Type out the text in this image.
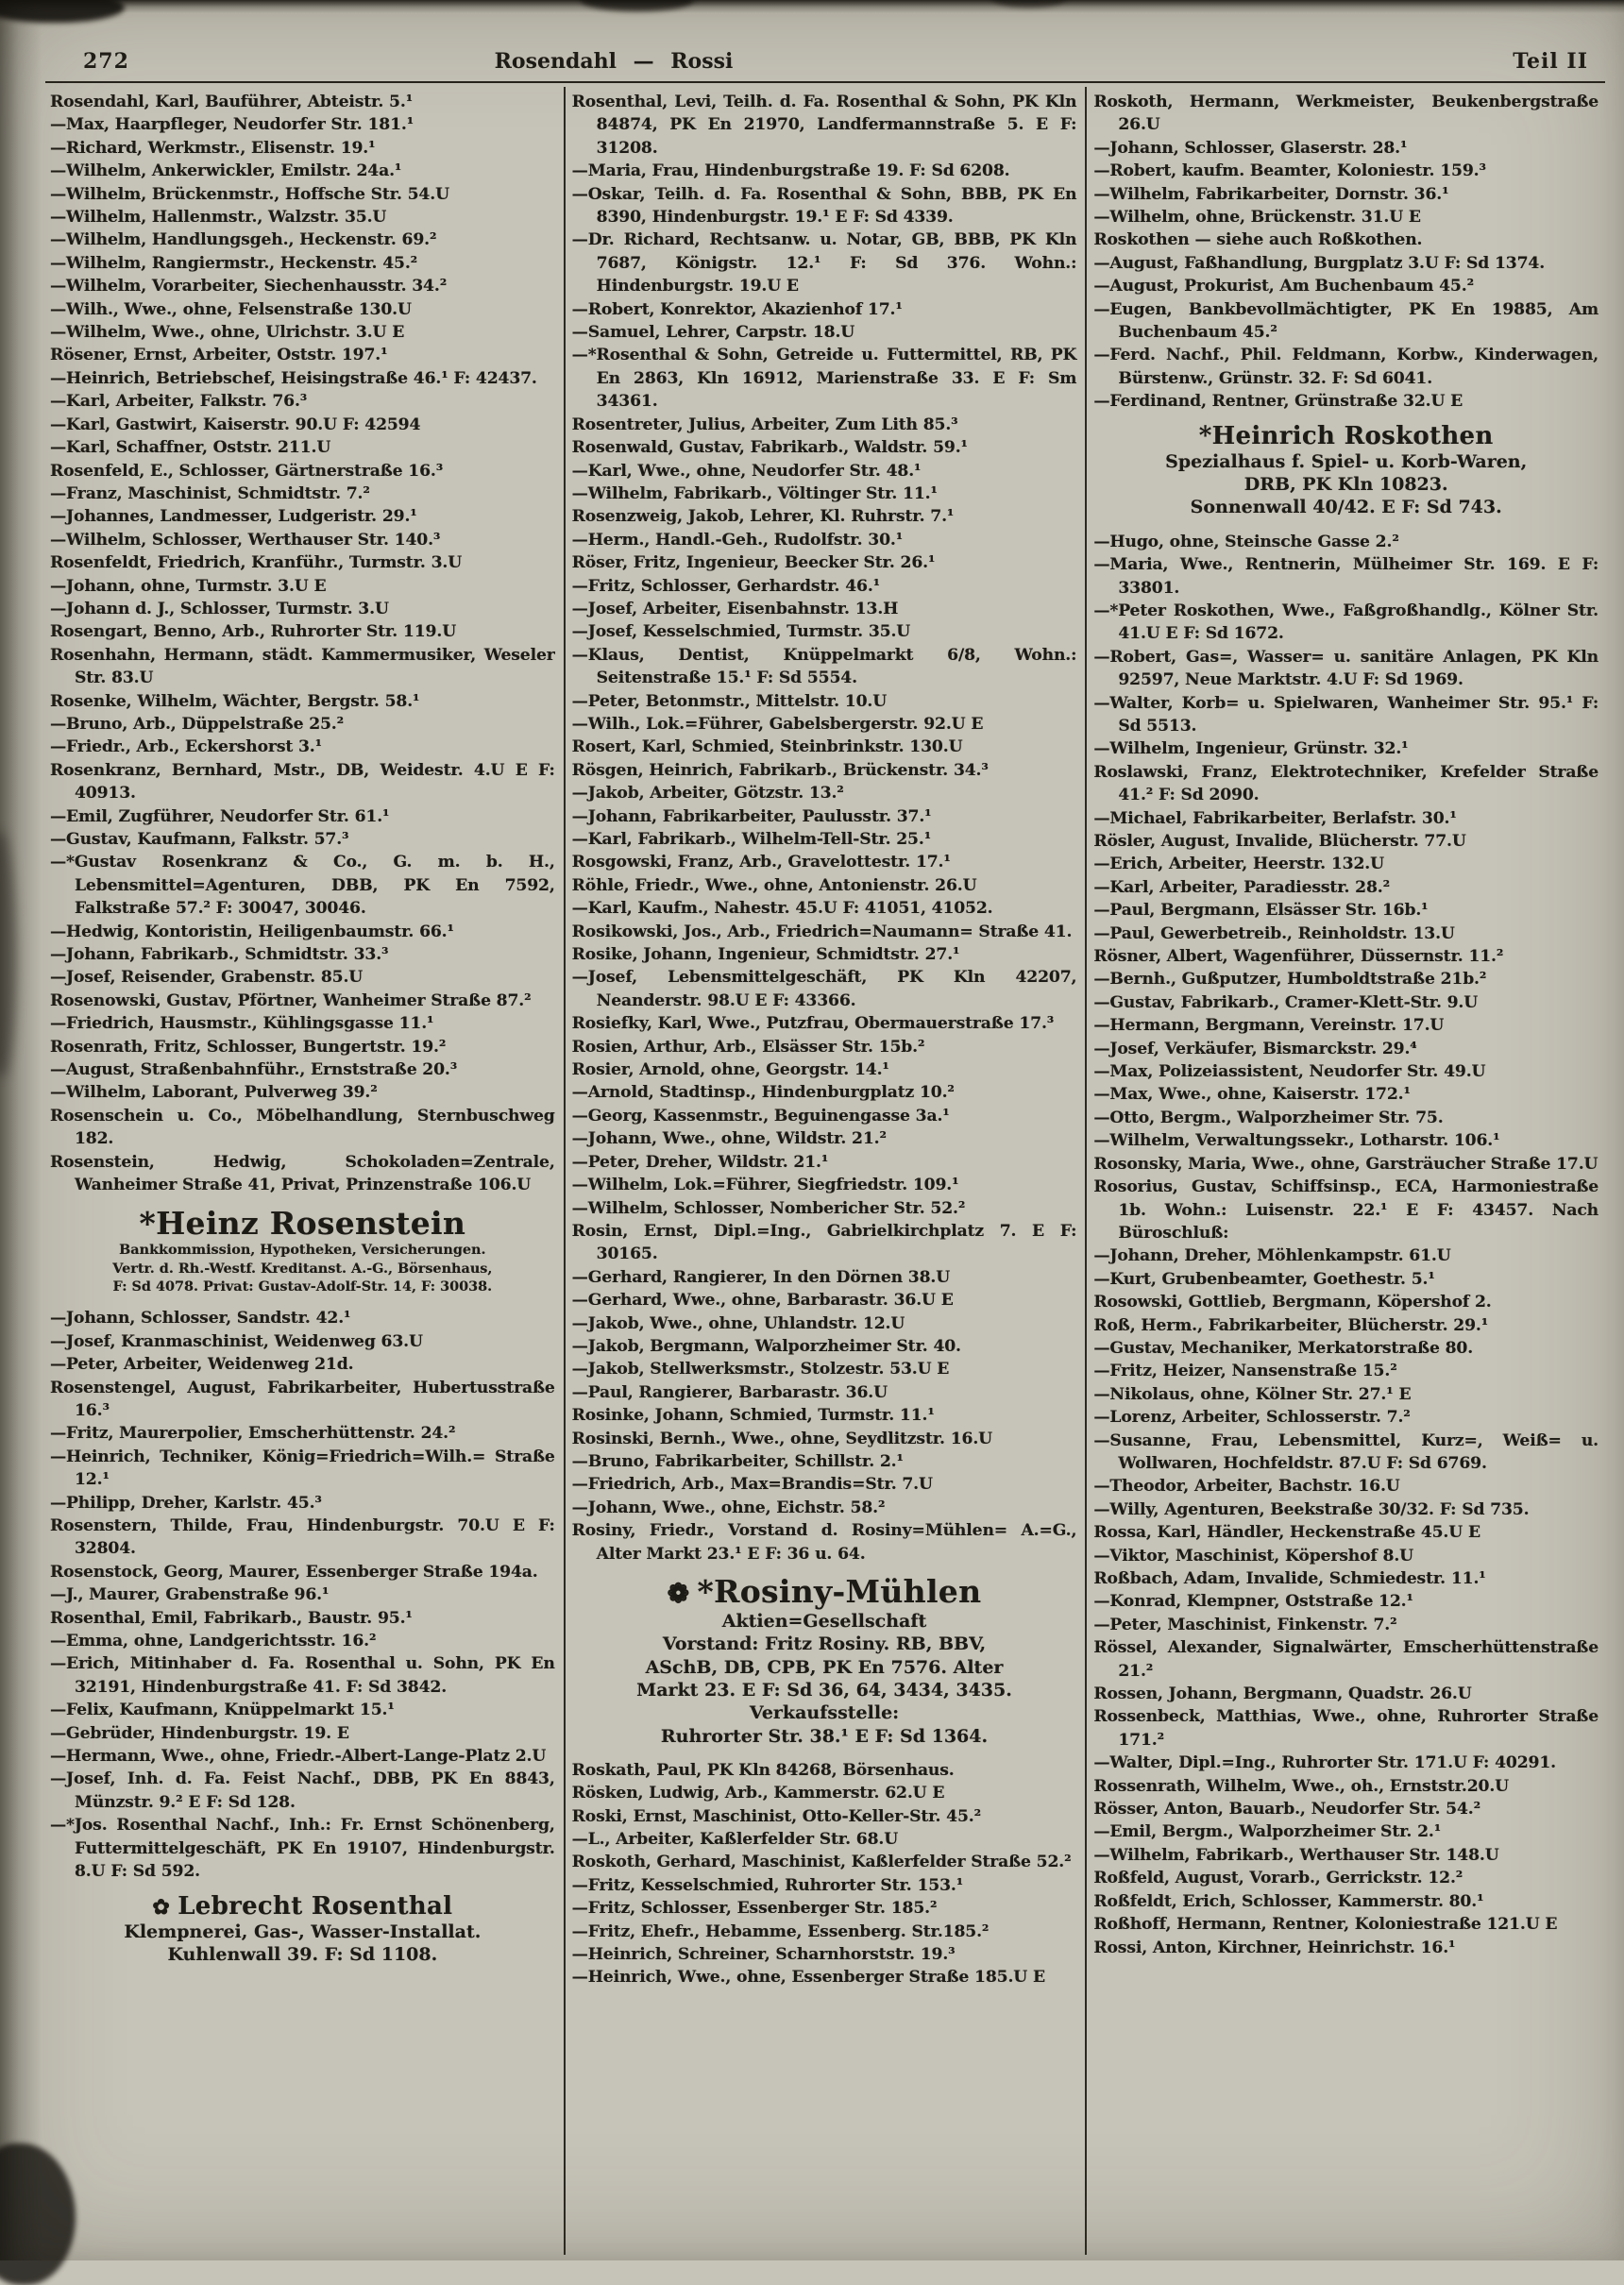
272	Rosendahl — Rossi	Teil II

Rosendahl, Karl, Bauführer, Abteistr. 5.¹

—Max, Haarpfleger, Neudorfer Str. 181.¹

—Richard, Werkmstr., Elisenstr. 19.¹

—Wilhelm, Ankerwickler, Emilstr. 24a.¹

—Wilhelm, Brückenmstr., Hoffsche Str. 54.U

—Wilhelm, Hallenmstr., Walzstr. 35.U

—Wilhelm, Handlungsgeh., Heckenstr. 69.²

—Wilhelm, Rangiermstr., Heckenstr. 45.²

—Wilhelm, Vorarbeiter, Siechenhausstr. 34.²

—Wilh., Wwe., ohne, Felsenstraße 130.U

—Wilhelm, Wwe., ohne, Ulrichstr. 3.U E

Rösener, Ernst, Arbeiter, Oststr. 197.¹

—Heinrich, Betriebschef, Heisingstraße 46.¹ F: 42437.

—Karl, Arbeiter, Falkstr. 76.³

—Karl, Gastwirt, Kaiserstr. 90.U F: 42594

—Karl, Schaffner, Oststr. 211.U

Rosenfeld, E., Schlosser, Gärtnerstraße 16.³

—Franz, Maschinist, Schmidtstr. 7.²

—Johannes, Landmesser, Ludgeristr. 29.¹

—Wilhelm, Schlosser, Werthauser Str. 140.³

Rosenfeldt, Friedrich, Kranführ., Turmstr. 3.U

—Johann, ohne, Turmstr. 3.U E

—Johann d. J., Schlosser, Turmstr. 3.U

Rosengart, Benno, Arb., Ruhrorter Str. 119.U

Rosenhahn, Hermann, städt. Kammermusiker, Weseler Str. 83.U

Rosenke, Wilhelm, Wächter, Bergstr. 58.¹

—Bruno, Arb., Düppelstraße 25.²

—Friedr., Arb., Eckershorst 3.¹

Rosenkranz, Bernhard, Mstr., DB, Weidestr. 4.U E F: 40913.

—Emil, Zugführer, Neudorfer Str. 61.¹

—Gustav, Kaufmann, Falkstr. 57.³

—*Gustav Rosenkranz & Co., G. m. b. H., Lebensmittel=Agenturen, DBB, PK En 7592, Falkstraße 57.² F: 30047, 30046.

—Hedwig, Kontoristin, Heiligenbaumstr. 66.¹

—Johann, Fabrikarb., Schmidtstr. 33.³

—Josef, Reisender, Grabenstr. 85.U

Rosenowski, Gustav, Pförtner, Wanheimer Straße 87.²

—Friedrich, Hausmstr., Kühlingsgasse 11.¹

Rosenrath, Fritz, Schlosser, Bungertstr. 19.²

—August, Straßenbahnführ., Ernststraße 20.³

—Wilhelm, Laborant, Pulverweg 39.²

Rosenschein u. Co., Möbelhandlung, Sternbuschweg 182.

Rosenstein, Hedwig, Schokoladen=Zentrale, Wanheimer Straße 41, Privat, Prinzenstraße 106.U

*Heinz Rosenstein
Bankkommission, Hypotheken, Versicherungen.
Vertr. d. Rh.-Westf. Kreditanst. A.-G., Börsenhaus,
F: Sd 4078. Privat: Gustav-Adolf-Str. 14, F: 30038.

—Johann, Schlosser, Sandstr. 42.¹

—Josef, Kranmaschinist, Weidenweg 63.U

—Peter, Arbeiter, Weidenweg 21d.

Rosenstengel, August, Fabrikarbeiter, Hubertusstraße 16.³

—Fritz, Maurerpolier, Emscherhüttenstr. 24.²

—Heinrich, Techniker, König=Friedrich=Wilh.= Straße 12.¹

—Philipp, Dreher, Karlstr. 45.³

Rosenstern, Thilde, Frau, Hindenburgstr. 70.U E F: 32804.

Rosenstock, Georg, Maurer, Essenberger Straße 194a.

—J., Maurer, Grabenstraße 96.¹

Rosenthal, Emil, Fabrikarb., Baustr. 95.¹

—Emma, ohne, Landgerichtsstr. 16.²

—Erich, Mitinhaber d. Fa. Rosenthal u. Sohn, PK En 32191, Hindenburgstraße 41. F: Sd 3842.

—Felix, Kaufmann, Knüppelmarkt 15.¹

—Gebrüder, Hindenburgstr. 19. E

—Hermann, Wwe., ohne, Friedr.-Albert-Lange-Platz 2.U

—Josef, Inh. d. Fa. Feist Nachf., DBB, PK En 8843, Münzstr. 9.² E F: Sd 128.

—*Jos. Rosenthal Nachf., Inh.: Fr. Ernst Schönenberg, Futtermittelgeschäft, PK En 19107, Hindenburgstr. 8.U F: Sd 592.

✿ Lebrecht Rosenthal
Klempnerei, Gas-, Wasser-Installat.
Kuhlenwall 39. F: Sd 1108.

Rosenthal, Levi, Teilh. d. Fa. Rosenthal & Sohn, PK Kln 84874, PK En 21970, Landfermannstraße 5. E F: 31208.

—Maria, Frau, Hindenburgstraße 19. F: Sd 6208.

—Oskar, Teilh. d. Fa. Rosenthal & Sohn, BBB, PK En 8390, Hindenburgstr. 19.¹ E F: Sd 4339.

—Dr. Richard, Rechtsanw. u. Notar, GB, BBB, PK Kln 7687, Königstr. 12.¹ F: Sd 376. Wohn.: Hindenburgstr. 19.U E

—Robert, Konrektor, Akazienhof 17.¹

—Samuel, Lehrer, Carpstr. 18.U

—*Rosenthal & Sohn, Getreide u. Futtermittel, RB, PK En 2863, Kln 16912, Marienstraße 33. E F: Sm 34361.

Rosentreter, Julius, Arbeiter, Zum Lith 85.³

Rosenwald, Gustav, Fabrikarb., Waldstr. 59.¹

—Karl, Wwe., ohne, Neudorfer Str. 48.¹

—Wilhelm, Fabrikarb., Völtinger Str. 11.¹

Rosenzweig, Jakob, Lehrer, Kl. Ruhrstr. 7.¹

—Herm., Handl.-Geh., Rudolfstr. 30.¹

Röser, Fritz, Ingenieur, Beecker Str. 26.¹

—Fritz, Schlosser, Gerhardstr. 46.¹

—Josef, Arbeiter, Eisenbahnstr. 13.H

—Josef, Kesselschmied, Turmstr. 35.U

—Klaus, Dentist, Knüppelmarkt 6/8, Wohn.: Seitenstraße 15.¹ F: Sd 5554.

—Peter, Betonmstr., Mittelstr. 10.U

—Wilh., Lok.=Führer, Gabelsbergerstr. 92.U E

Rosert, Karl, Schmied, Steinbrinkstr. 130.U

Rösgen, Heinrich, Fabrikarb., Brückenstr. 34.³

—Jakob, Arbeiter, Götzstr. 13.²

—Johann, Fabrikarbeiter, Paulusstr. 37.¹

—Karl, Fabrikarb., Wilhelm-Tell-Str. 25.¹

Rosgowski, Franz, Arb., Gravelottestr. 17.¹

Röhle, Friedr., Wwe., ohne, Antonienstr. 26.U

—Karl, Kaufm., Nahestr. 45.U F: 41051, 41052.

Rosikowski, Jos., Arb., Friedrich=Naumann= Straße 41.

Rosike, Johann, Ingenieur, Schmidtstr. 27.¹

—Josef, Lebensmittelgeschäft, PK Kln 42207, Neanderstr. 98.U E F: 43366.

Rosiefky, Karl, Wwe., Putzfrau, Obermauerstraße 17.³

Rosien, Arthur, Arb., Elsässer Str. 15b.²

Rosier, Arnold, ohne, Georgstr. 14.¹

—Arnold, Stadtinsp., Hindenburgplatz 10.²

—Georg, Kassenmstr., Beguinengasse 3a.¹

—Johann, Wwe., ohne, Wildstr. 21.²

—Peter, Dreher, Wildstr. 21.¹

—Wilhelm, Lok.=Führer, Siegfriedstr. 109.¹

—Wilhelm, Schlosser, Nombericher Str. 52.²

Rosin, Ernst, Dipl.=Ing., Gabrielkirchplatz 7. E F: 30165.

—Gerhard, Rangierer, In den Dörnen 38.U

—Gerhard, Wwe., ohne, Barbarastr. 36.U E

—Jakob, Wwe., ohne, Uhlandstr. 12.U

—Jakob, Bergmann, Walporzheimer Str. 40.

—Jakob, Stellwerksmstr., Stolzestr. 53.U E

—Paul, Rangierer, Barbarastr. 36.U

Rosinke, Johann, Schmied, Turmstr. 11.¹

Rosinski, Bernh., Wwe., ohne, Seydlitzstr. 16.U

—Bruno, Fabrikarbeiter, Schillstr. 2.¹

—Friedrich, Arb., Max=Brandis=Str. 7.U

—Johann, Wwe., ohne, Eichstr. 58.²

Rosiny, Friedr., Vorstand d. Rosiny=Mühlen= A.=G., Alter Markt 23.¹ E F: 36 u. 64.

❁ *Rosiny-Mühlen
Aktien=Gesellschaft
Vorstand: Fritz Rosiny. RB, BBV,
ASchB, DB, CPB, PK En 7576. Alter
Markt 23. E F: Sd 36, 64, 3434, 3435.
Verkaufsstelle:
Ruhrorter Str. 38.¹ E F: Sd 1364.

Roskath, Paul, PK Kln 84268, Börsenhaus.

Rösken, Ludwig, Arb., Kammerstr. 62.U E

Roski, Ernst, Maschinist, Otto-Keller-Str. 45.²

—L., Arbeiter, Kaßlerfelder Str. 68.U

Roskoth, Gerhard, Maschinist, Kaßlerfelder Straße 52.²

—Fritz, Kesselschmied, Ruhrorter Str. 153.¹

—Fritz, Schlosser, Essenberger Str. 185.²

—Fritz, Ehefr., Hebamme, Essenberg. Str.185.²

—Heinrich, Schreiner, Scharnhorststr. 19.³

—Heinrich, Wwe., ohne, Essenberger Straße 185.U E

Roskoth, Hermann, Werkmeister, Beukenbergstraße 26.U

—Johann, Schlosser, Glaserstr. 28.¹

—Robert, kaufm. Beamter, Koloniestr. 159.³

—Wilhelm, Fabrikarbeiter, Dornstr. 36.¹

—Wilhelm, ohne, Brückenstr. 31.U E

Roskothen — siehe auch Roßkothen.

—August, Faßhandlung, Burgplatz 3.U F: Sd 1374.

—August, Prokurist, Am Buchenbaum 45.²

—Eugen, Bankbevollmächtigter, PK En 19885, Am Buchenbaum 45.²

—Ferd. Nachf., Phil. Feldmann, Korbw., Kinderwagen, Bürstenw., Grünstr. 32. F: Sd 6041.

—Ferdinand, Rentner, Grünstraße 32.U E

*Heinrich Roskothen
Spezialhaus f. Spiel- u. Korb-Waren,
DRB, PK Kln 10823.
Sonnenwall 40/42. E F: Sd 743.

—Hugo, ohne, Steinsche Gasse 2.²

—Maria, Wwe., Rentnerin, Mülheimer Str. 169. E F: 33801.

—*Peter Roskothen, Wwe., Faßgroßhandlg., Kölner Str. 41.U E F: Sd 1672.

—Robert, Gas=, Wasser= u. sanitäre Anlagen, PK Kln 92597, Neue Marktstr. 4.U F: Sd 1969.

—Walter, Korb= u. Spielwaren, Wanheimer Str. 95.¹ F: Sd 5513.

—Wilhelm, Ingenieur, Grünstr. 32.¹

Roslawski, Franz, Elektrotechniker, Krefelder Straße 41.² F: Sd 2090.

—Michael, Fabrikarbeiter, Berlafstr. 30.¹

Rösler, August, Invalide, Blücherstr. 77.U

—Erich, Arbeiter, Heerstr. 132.U

—Karl, Arbeiter, Paradiesstr. 28.²

—Paul, Bergmann, Elsässer Str. 16b.¹

—Paul, Gewerbetreib., Reinholdstr. 13.U

Rösner, Albert, Wagenführer, Düssernstr. 11.²

—Bernh., Gußputzer, Humboldtstraße 21b.²

—Gustav, Fabrikarb., Cramer-Klett-Str. 9.U

—Hermann, Bergmann, Vereinstr. 17.U

—Josef, Verkäufer, Bismarckstr. 29.⁴

—Max, Polizeiassistent, Neudorfer Str. 49.U

—Max, Wwe., ohne, Kaiserstr. 172.¹

—Otto, Bergm., Walporzheimer Str. 75.

—Wilhelm, Verwaltungssekr., Lotharstr. 106.¹

Rosonsky, Maria, Wwe., ohne, Garsträucher Straße 17.U

Rosorius, Gustav, Schiffsinsp., ECA, Harmoniestraße 1b. Wohn.: Luisenstr. 22.¹ E F: 43457. Nach Büroschluß:

—Johann, Dreher, Möhlenkampstr. 61.U

—Kurt, Grubenbeamter, Goethestr. 5.¹

Rosowski, Gottlieb, Bergmann, Köpershof 2.

Roß, Herm., Fabrikarbeiter, Blücherstr. 29.¹

—Gustav, Mechaniker, Merkatorstraße 80.

—Fritz, Heizer, Nansenstraße 15.²

—Nikolaus, ohne, Kölner Str. 27.¹ E

—Lorenz, Arbeiter, Schlosserstr. 7.²

—Susanne, Frau, Lebensmittel, Kurz=, Weiß= u. Wollwaren, Hochfeldstr. 87.U F: Sd 6769.

—Theodor, Arbeiter, Bachstr. 16.U

—Willy, Agenturen, Beekstraße 30/32. F: Sd 735.

Rossa, Karl, Händler, Heckenstraße 45.U E

—Viktor, Maschinist, Köpershof 8.U

Roßbach, Adam, Invalide, Schmiedestr. 11.¹

—Konrad, Klempner, Oststraße 12.¹

—Peter, Maschinist, Finkenstr. 7.²

Rössel, Alexander, Signalwärter, Emscherhüttenstraße 21.²

Rossen, Johann, Bergmann, Quadstr. 26.U

Rossenbeck, Matthias, Wwe., ohne, Ruhrorter Straße 171.²

—Walter, Dipl.=Ing., Ruhrorter Str. 171.U F: 40291.

Rossenrath, Wilhelm, Wwe., oh., Ernststr.20.U

Rösser, Anton, Bauarb., Neudorfer Str. 54.²

—Emil, Bergm., Walporzheimer Str. 2.¹

—Wilhelm, Fabrikarb., Werthauser Str. 148.U

Roßfeld, August, Vorarb., Gerrickstr. 12.²

Roßfeldt, Erich, Schlosser, Kammerstr. 80.¹

Roßhoff, Hermann, Rentner, Koloniestraße 121.U E

Rossi, Anton, Kirchner, Heinrichstr. 16.¹
